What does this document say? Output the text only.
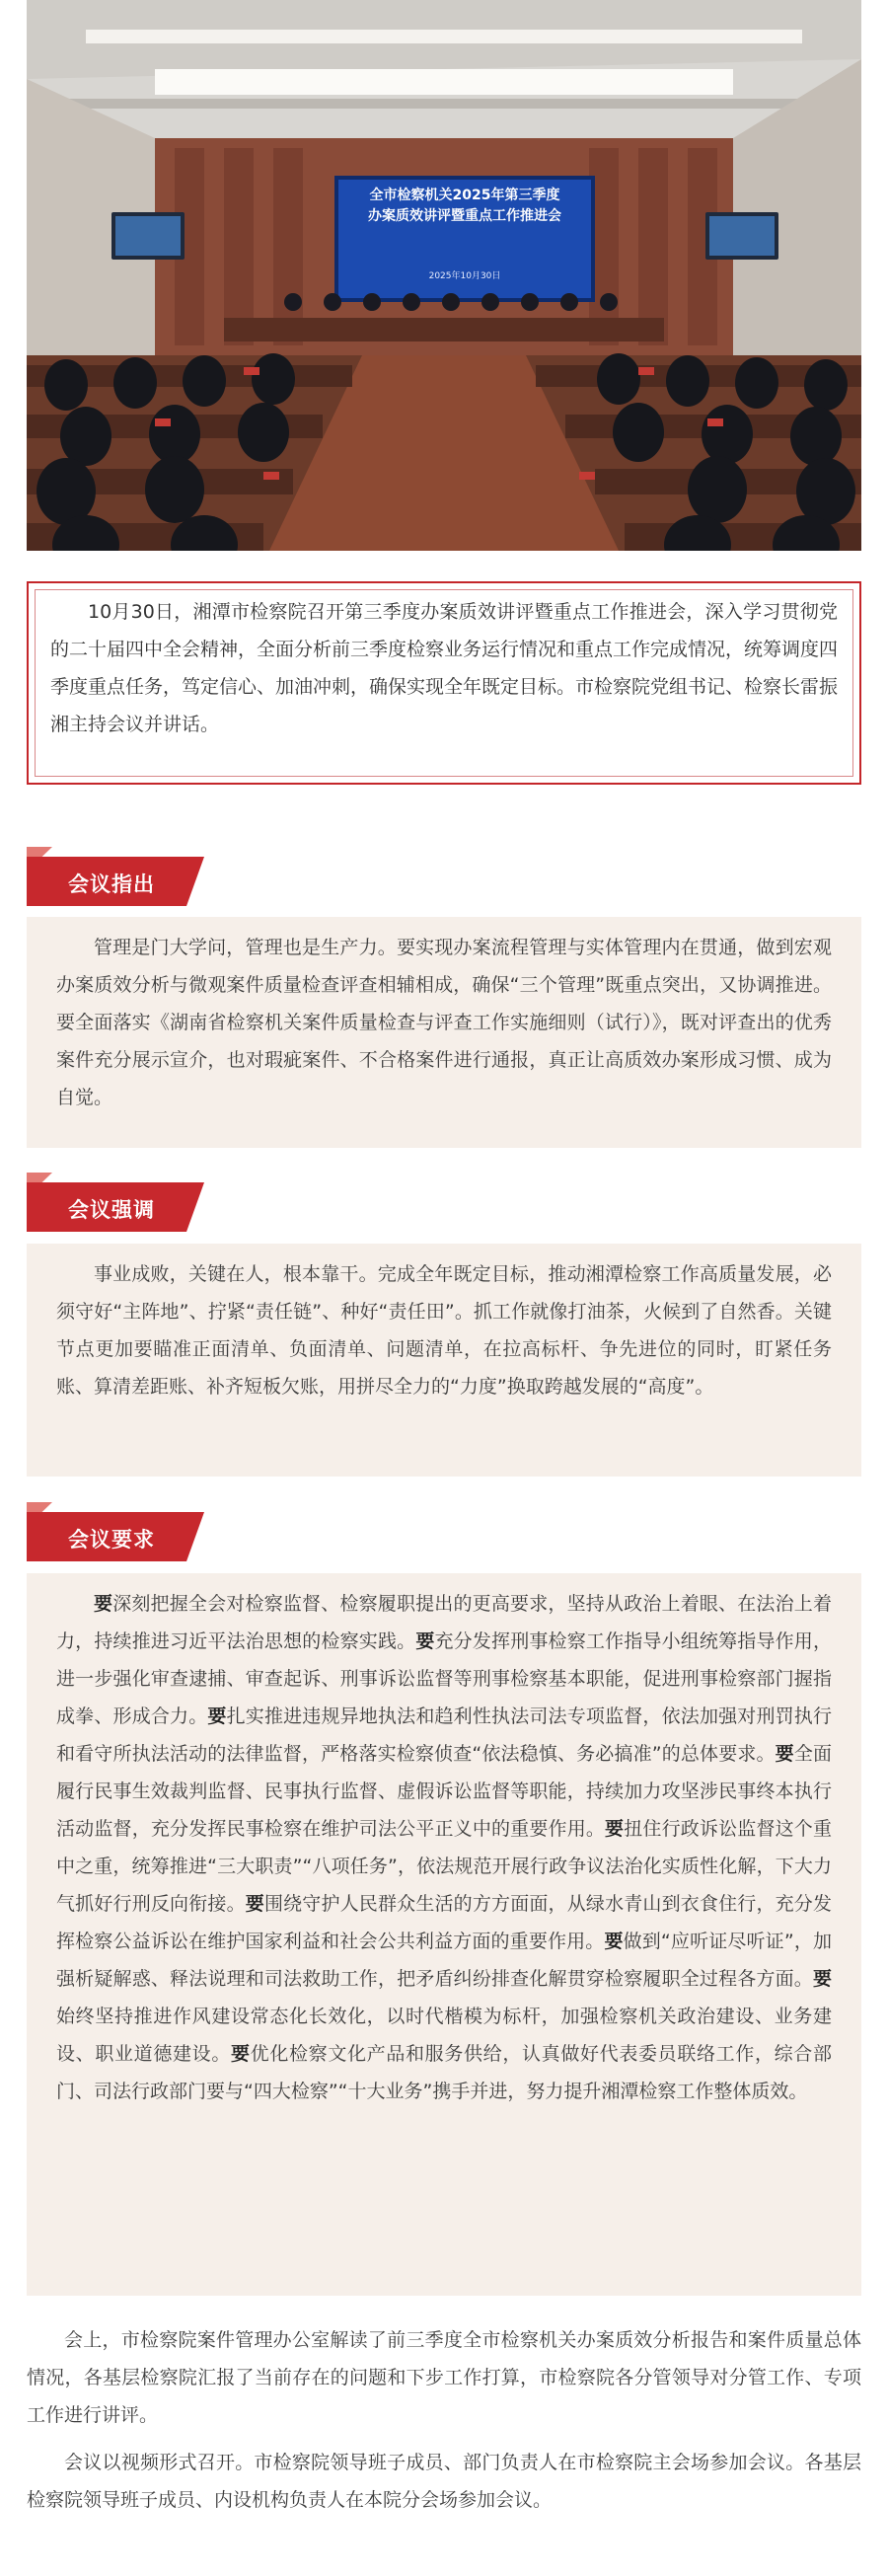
全市检察机关2025年第三季度
办案质效讲评暨重点工作推进会
2025年10月30日

10月30日，湘潭市检察院召开第三季度办案质效讲评暨重点工作推进会，深入学习贯彻党的二十届四中全会精神，全面分析前三季度检察业务运行情况和重点工作完成情况，统筹调度四季度重点任务，笃定信心、加油冲刺，确保实现全年既定目标。市检察院党组书记、检察长雷振湘主持会议并讲话。

会议指出

管理是门大学问，管理也是生产力。要实现办案流程管理与实体管理内在贯通，做到宏观办案质效分析与微观案件质量检查评查相辅相成，确保“三个管理”既重点突出，又协调推进。要全面落实《湖南省检察机关案件质量检查与评查工作实施细则（试行）》，既对评查出的优秀案件充分展示宣介，也对瑕疵案件、不合格案件进行通报，真正让高质效办案形成习惯、成为自觉。

会议强调

事业成败，关键在人，根本靠干。完成全年既定目标，推动湘潭检察工作高质量发展，必须守好“主阵地”、拧紧“责任链”、种好“责任田”。抓工作就像打油茶，火候到了自然香。关键节点更加要瞄准正面清单、负面清单、问题清单，在拉高标杆、争先进位的同时，盯紧任务账、算清差距账、补齐短板欠账，用拼尽全力的“力度”换取跨越发展的“高度”。

会议要求

要深刻把握全会对检察监督、检察履职提出的更高要求，坚持从政治上着眼、在法治上着力，持续推进习近平法治思想的检察实践。要充分发挥刑事检察工作指导小组统筹指导作用，进一步强化审查逮捕、审查起诉、刑事诉讼监督等刑事检察基本职能，促进刑事检察部门握指成拳、形成合力。要扎实推进违规异地执法和趋利性执法司法专项监督，依法加强对刑罚执行和看守所执法活动的法律监督，严格落实检察侦查“依法稳慎、务必搞准”的总体要求。要全面履行民事生效裁判监督、民事执行监督、虚假诉讼监督等职能，持续加力攻坚涉民事终本执行活动监督，充分发挥民事检察在维护司法公平正义中的重要作用。要扭住行政诉讼监督这个重中之重，统筹推进“三大职责”“八项任务”，依法规范开展行政争议法治化实质性化解，下大力气抓好行刑反向衔接。要围绕守护人民群众生活的方方面面，从绿水青山到衣食住行，充分发挥检察公益诉讼在维护国家利益和社会公共利益方面的重要作用。要做到“应听证尽听证”，加强析疑解惑、释法说理和司法救助工作，把矛盾纠纷排查化解贯穿检察履职全过程各方面。要始终坚持推进作风建设常态化长效化，以时代楷模为标杆，加强检察机关政治建设、业务建设、职业道德建设。要优化检察文化产品和服务供给，认真做好代表委员联络工作，综合部门、司法行政部门要与“四大检察”“十大业务”携手并进，努力提升湘潭检察工作整体质效。

会上，市检察院案件管理办公室解读了前三季度全市检察机关办案质效分析报告和案件质量总体情况，各基层检察院汇报了当前存在的问题和下步工作打算，市检察院各分管领导对分管工作、专项工作进行讲评。

会议以视频形式召开。市检察院领导班子成员、部门负责人在市检察院主会场参加会议。各基层检察院领导班子成员、内设机构负责人在本院分会场参加会议。
